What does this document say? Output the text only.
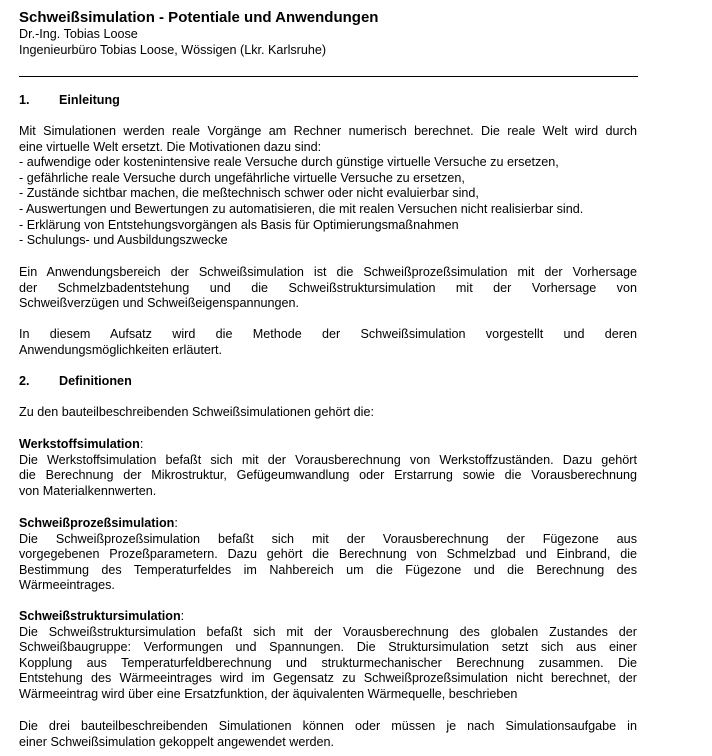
Schweißsimulation - Potentiale und Anwendungen
Dr.-Ing. Tobias Loose
Ingenieurbüro Tobias Loose, Wössigen (Lkr. Karlsruhe)
1. Einleitung
Mit Simulationen werden reale Vorgänge am Rechner numerisch berechnet. Die reale Welt wird durch
eine virtuelle Welt ersetzt. Die Motivationen dazu sind:
- aufwendige oder kostenintensive reale Versuche durch günstige virtuelle Versuche zu ersetzen,
- gefährliche reale Versuche durch ungefährliche virtuelle Versuche zu ersetzen,
- Zustände sichtbar machen, die meßtechnisch schwer oder nicht evaluierbar sind,
- Auswertungen und Bewertungen zu automatisieren, die mit realen Versuchen nicht realisierbar sind.
- Erklärung von Entstehungsvorgängen als Basis für Optimierungsmaßnahmen
- Schulungs- und Ausbildungszwecke
Ein Anwendungsbereich der Schweißsimulation ist die Schweißprozeßsimulation mit der Vorhersage
der Schmelzbadentstehung und die Schweißstruktursimulation mit der Vorhersage von
Schweißverzügen und Schweißeigenspannungen.
In diesem Aufsatz wird die Methode der Schweißsimulation vorgestellt und deren
Anwendungsmöglichkeiten erläutert.
2. Definitionen
Zu den bauteilbeschreibenden Schweißsimulationen gehört die:
Werkstoffsimulation:
Die Werkstoffsimulation befaßt sich mit der Vorausberechnung von Werkstoffzuständen. Dazu gehört
die Berechnung der Mikrostruktur, Gefügeumwandlung oder Erstarrung sowie die Vorausberechnung
von Materialkennwerten.
Schweißprozeßsimulation:
Die Schweißprozeßsimulation befaßt sich mit der Vorausberechnung der Fügezone aus
vorgegebenen Prozeßparametern. Dazu gehört die Berechnung von Schmelzbad und Einbrand, die
Bestimmung des Temperaturfeldes im Nahbereich um die Fügezone und die Berechnung des
Wärmeeintrages.
Schweißstruktursimulation:
Die Schweißstruktursimulation befaßt sich mit der Vorausberechnung des globalen Zustandes der
Schweißbaugruppe: Verformungen und Spannungen. Die Struktursimulation setzt sich aus einer
Kopplung aus Temperaturfeldberechnung und strukturmechanischer Berechnung zusammen. Die
Entstehung des Wärmeeintrages wird im Gegensatz zu Schweißprozeßsimulation nicht berechnet, der
Wärmeeintrag wird über eine Ersatzfunktion, der äquivalenten Wärmequelle, beschrieben
Die drei bauteilbeschreibenden Simulationen können oder müssen je nach Simulationsaufgabe in
einer Schweißsimulation gekoppelt angewendet werden.
